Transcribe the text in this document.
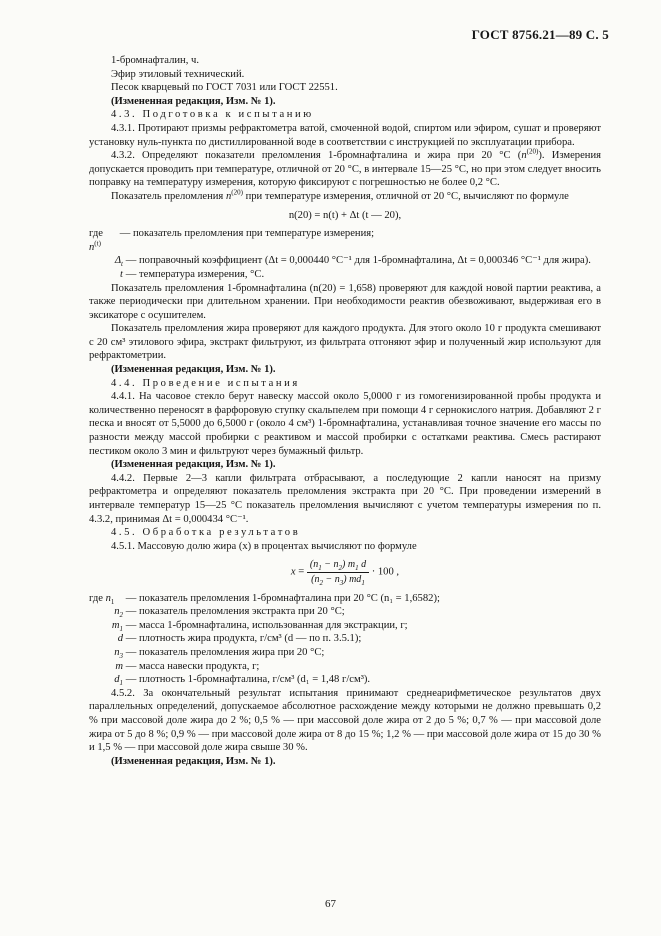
ГОСТ 8756.21—89 С. 5

1-бромнафталин, ч.

Эфир этиловый технический.

Песок кварцевый по ГОСТ 7031 или ГОСТ 22551.

(Измененная редакция, Изм. № 1).

4.3. Подготовка к испытанию

4.3.1. Протирают призмы рефрактометра ватой, смоченной водой, спиртом или эфиром, сушат и проверяют установку нуль-пункта по дистиллированной воде в соответствии с инструкцией по эксплуатации прибора.

4.3.2. Определяют показатели преломления 1-бромнафталина и жира при 20 °С $(n^{(20)})$. Измерения допускается проводить при температуре, отличной от 20 °С, в интервале 15—25 °С, но при этом следует вносить поправку на температуру измерения, которую фиксируют с погрешностью не более 0,2 °С.

Показатель преломления $n^{(20)}$ при температуре измерения, отличной от 20 °С, вычисляют по формуле

n(20) = n(t) + Δt (t — 20),

где $n^{(t)}$
— показатель преломления при температуре измерения;
$\Delta_t$ — поправочный коэффициент (Δt = 0,000440 °С⁻¹ для 1-бромнафталина, Δt = 0,000346 °С⁻¹ для жира).
t — температура измерения, °С.

Показатель преломления 1-бромнафталина (n(20) = 1,658) проверяют для каждой новой партии реактива, а также периодически при длительном хранении. При необходимости реактив обезвоживают, выдерживая его в эксикаторе с осушителем.

Показатель преломления жира проверяют для каждого продукта. Для этого около 10 г продукта смешивают с 20 см³ этилового эфира, экстракт фильтруют, из фильтрата отгоняют эфир и полученный жир используют для рефрактометрии.

(Измененная редакция, Изм. № 1).

4.4. Проведение испытания

4.4.1. На часовое стекло берут навеску массой около 5,0000 г из гомогенизированной пробы продукта и количественно переносят в фарфоровую ступку скальпелем при помощи 4 г сернокислого натрия. Добавляют 2 г песка и вносят от 5,5000 до 6,5000 г (около 4 см³) 1-бромнафталина, устанавливая точное значение его массы по разности между массой пробирки с реактивом и массой пробирки с остатками реактива. Смесь растирают пестиком около 3 мин и фильтруют через бумажный фильтр.

(Измененная редакция, Изм. № 1).

4.4.2. Первые 2—3 капли фильтрата отбрасывают, а последующие 2 капли наносят на призму рефрактометра и определяют показатель преломления экстракта при 20 °С. При проведении измерений в интервале температур 15—25 °С показатель преломления вычисляют с учетом температуры измерения по п. 4.3.2, принимая Δt = 0,000434 °С⁻¹.

4.5. Обработка результатов

4.5.1. Массовую долю жира (x) в процентах вычисляют по формуле

$x = \frac{(n_1 - n_2) m_1 d}{(n_2 - n_3) md_1} \cdot 100$ ,

где $n_1$	— показатель преломления 1-бромнафталина при 20 °С (n₁ = 1,6582);
$n_2$ — показатель преломления экстракта при 20 °С;
$m_1$ — масса 1-бромнафталина, использованная для экстракции, г;
d — плотность жира продукта, г/см³ (d — по п. 3.5.1);
$n_3$ — показатель преломления жира при 20 °С;
m — масса навески продукта, г;
$d_1$ — плотность 1-бромнафталина, г/см³ (d₁ = 1,48 г/см³).

4.5.2. За окончательный результат испытания принимают среднеарифметическое результатов двух параллельных определений, допускаемое абсолютное расхождение между которыми не должно превышать 0,2 % при массовой доле жира до 2 %; 0,5 % — при массовой доле жира от 2 до 5 %; 0,7 % — при массовой доле жира от 5 до 8 %; 0,9 % — при массовой доле жира от 8 до 15 %; 1,2 % — при массовой доле жира от 15 до 30 % и 1,5 % — при массовой доле жира свыше 30 %.

(Измененная редакция, Изм. № 1).

67
